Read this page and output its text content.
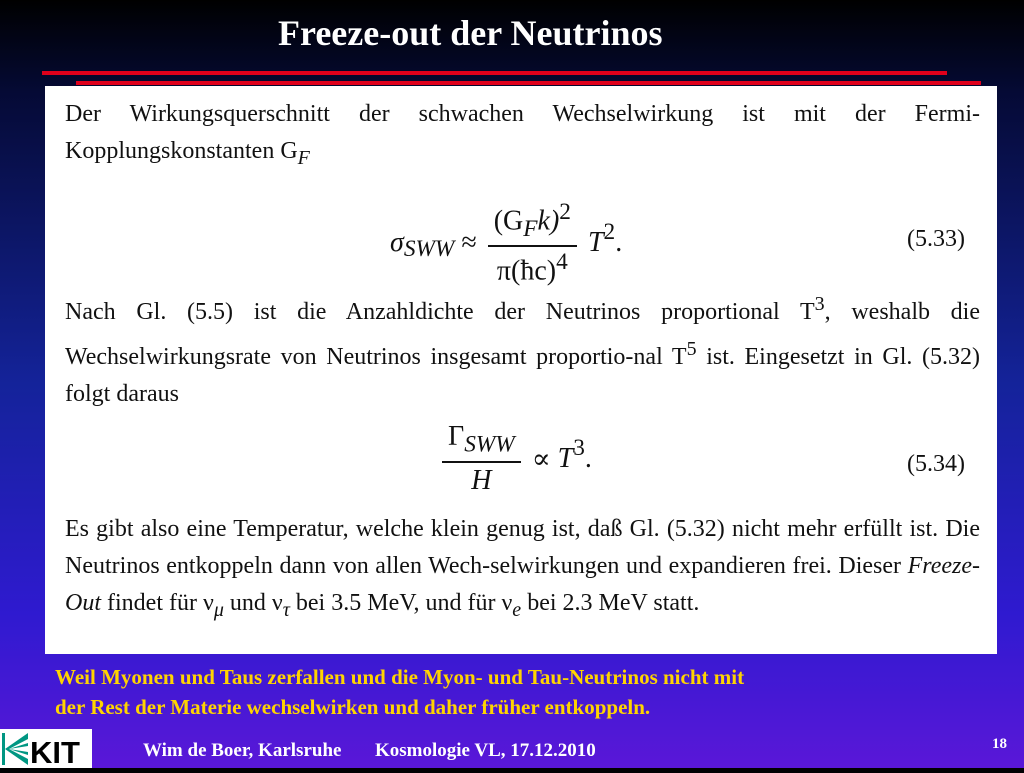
Freeze-out der Neutrinos

Der Wirkungsquerschnitt der schwachen Wechselwirkung ist mit der Fermi-Kopplungskonstanten $G_F$

$\sigma_{SWW} \approx \frac{(G_Fk)^2}{\pi(ħc)^4} T^2$.	(5.33)

Nach Gl. (5.5) ist die Anzahldichte der Neutrinos proportional $T^3$, weshalb die Wechselwirkungsrate von Neutrinos insgesamt proportio-nal $T^5$ ist. Eingesetzt in Gl. (5.32) folgt daraus

$\frac{\Gamma_{SWW}}{H} \propto T^3$.	(5.34)

Es gibt also eine Temperatur, welche klein genug ist, daß Gl. (5.32) nicht mehr erfüllt ist. Die Neutrinos entkoppeln dann von allen Wech-selwirkungen und expandieren frei. Dieser Freeze-Out findet für $\nu_\mu$ und $\nu_\tau$ bei 3.5 MeV, und für $\nu_e$ bei 2.3 MeV statt.

Weil Myonen und Taus zerfallen und die Myon- und Tau-Neutrinos nicht mit
der Rest der Materie wechselwirken und daher früher entkoppeln.
KIT	Wim de Boer, Karlsruhe Kosmologie VL, 17.12.2010	18
